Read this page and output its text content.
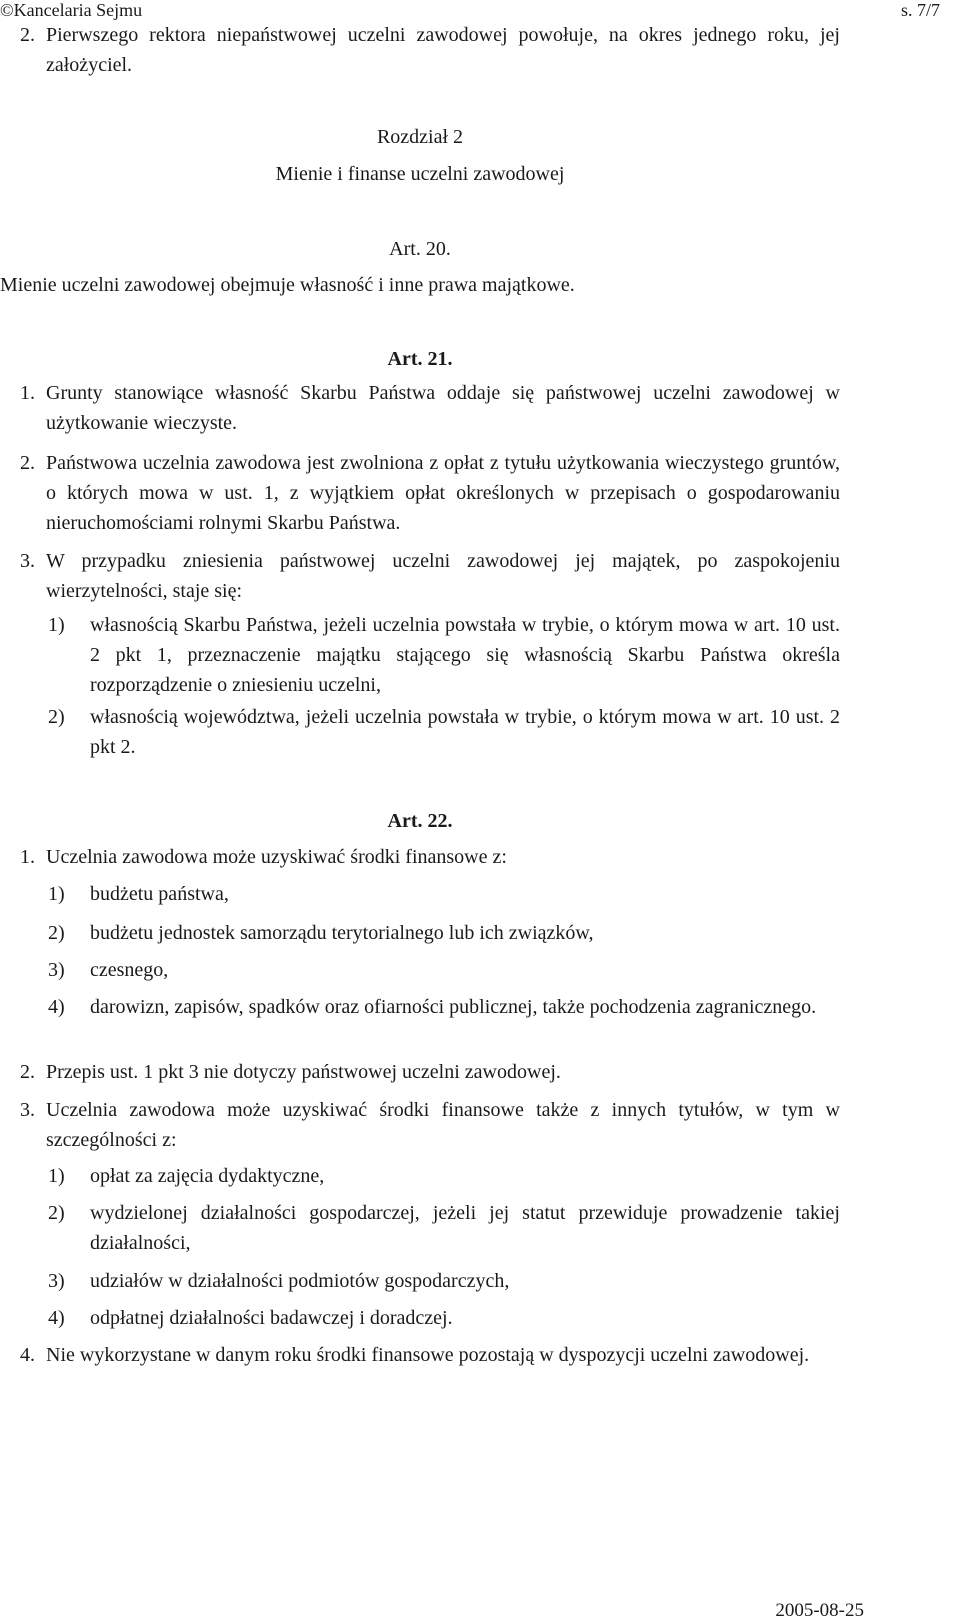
©Kancelaria Sejmu	s. 7/7
2. Pierwszego rektora niepaństwowej uczelni zawodowej powołuje, na okres jednego roku, jej założyciel.
Rozdział 2
Mienie i finanse uczelni zawodowej
Art. 20.
Mienie uczelni zawodowej obejmuje własność i inne prawa majątkowe.
Art. 21.
1. Grunty stanowiące własność Skarbu Państwa oddaje się państwowej uczelni zawodowej w użytkowanie wieczyste.
2. Państwowa uczelnia zawodowa jest zwolniona z opłat z tytułu użytkowania wieczystego gruntów, o których mowa w ust. 1, z wyjątkiem opłat określonych w przepisach o gospodarowaniu nieruchomościami rolnymi Skarbu Państwa.
3. W przypadku zniesienia państwowej uczelni zawodowej jej majątek, po zaspokojeniu wierzytelności, staje się:
1)	własnością Skarbu Państwa, jeżeli uczelnia powstała w trybie, o którym mowa w art. 10 ust. 2 pkt 1, przeznaczenie majątku stającego się własnością Skarbu Państwa określa rozporządzenie o zniesieniu uczelni,
2)	własnością województwa, jeżeli uczelnia powstała w trybie, o którym mowa w art. 10 ust. 2 pkt 2.
Art. 22.
1. Uczelnia zawodowa może uzyskiwać środki finansowe z:
1)	budżetu państwa,
2)	budżetu jednostek samorządu terytorialnego lub ich związków,
3)	czesnego,
4)	darowizn, zapisów, spadków oraz ofiarności publicznej, także pochodzenia zagranicznego.
2. Przepis ust. 1 pkt 3 nie dotyczy państwowej uczelni zawodowej.
3. Uczelnia zawodowa może uzyskiwać środki finansowe także z innych tytułów, w tym w szczególności z:
1)	opłat za zajęcia dydaktyczne,
2)	wydzielonej działalności gospodarczej, jeżeli jej statut przewiduje prowadzenie takiej działalności,
3)	udziałów w działalności podmiotów gospodarczych,
4)	odpłatnej działalności badawczej i doradczej.
4. Nie wykorzystane w danym roku środki finansowe pozostają w dyspozycji uczelni zawodowej.
2005-08-25
